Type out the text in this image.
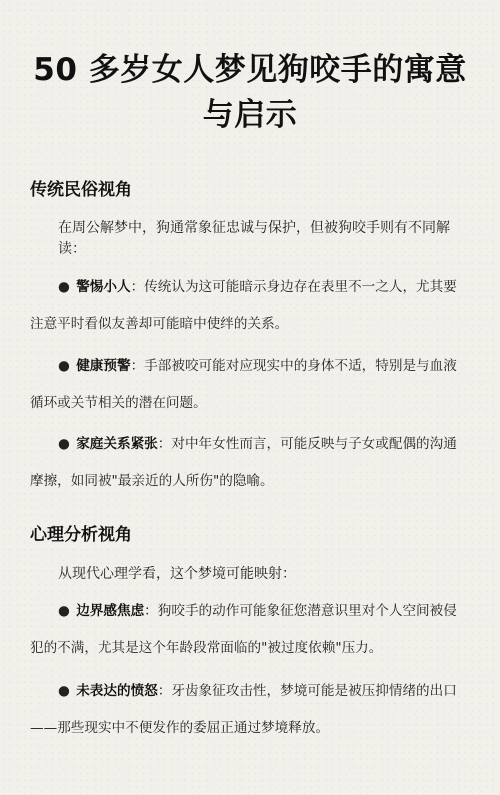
50 多岁女人梦见狗咬手的寓意与启示
传统民俗视角

在周公解梦中，狗通常象征忠诚与保护，但被狗咬手则有不同解读：

● 警惕小人：传统认为这可能暗示身边存在表里不一之人，尤其要注意平时看似友善却可能暗中使绊的关系。

● 健康预警：手部被咬可能对应现实中的身体不适，特别是与血液循环或关节相关的潜在问题。

● 家庭关系紧张：对中年女性而言，可能反映与子女或配偶的沟通摩擦，如同被"最亲近的人所伤"的隐喻。

心理分析视角

从现代心理学看，这个梦境可能映射：

● 边界感焦虑：狗咬手的动作可能象征您潜意识里对个人空间被侵犯的不满，尤其是这个年龄段常面临的"被过度依赖"压力。

● 未表达的愤怒：牙齿象征攻击性，梦境可能是被压抑情绪的出口——那些现实中不便发作的委屈正通过梦境释放。
